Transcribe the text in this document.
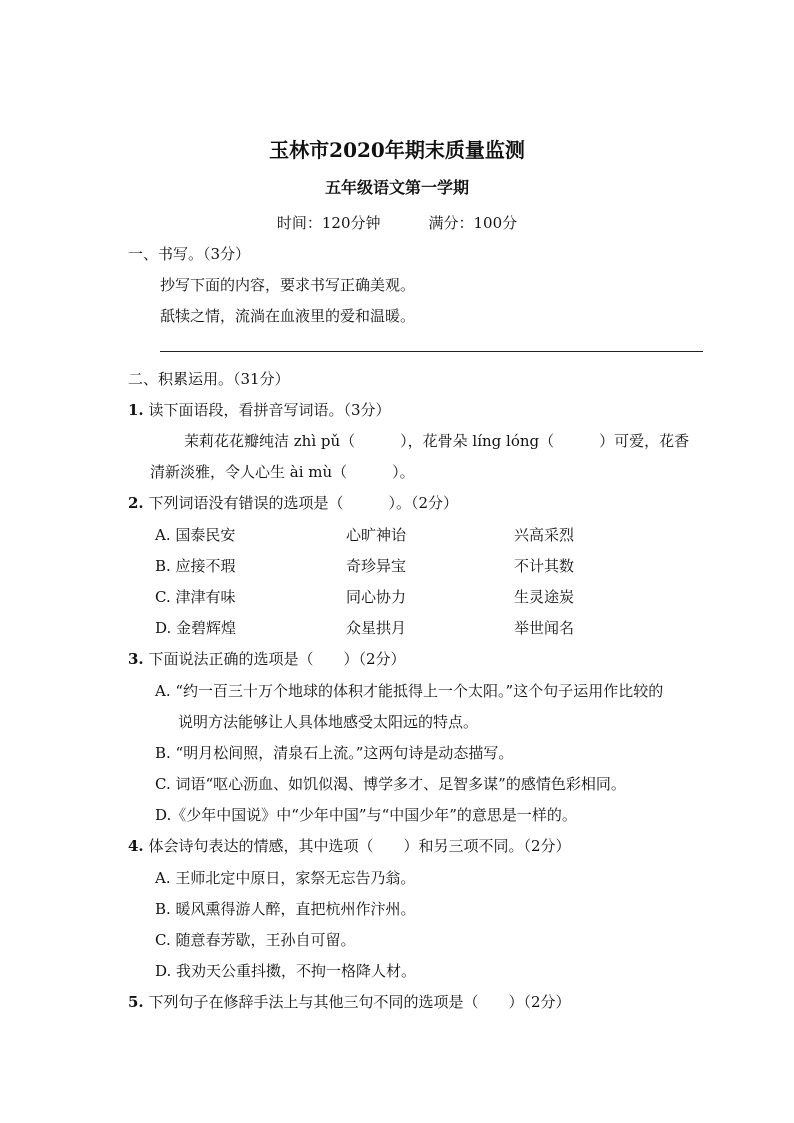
玉林市2020年期末质量监测
五年级语文第一学期
时间：120分钟	满分：100分
一、书写。（3分）
抄写下面的内容，要求书写正确美观。
舐犊之情，流淌在血液里的爱和温暖。
二、积累运用。（31分）
1. 读下面语段，看拼音写词语。（3分）
茉莉花花瓣纯洁 zhì pǔ（　　　），花骨朵 líng lóng（　　　）可爱，花香
清新淡雅，令人心生 ài mù（　　　）。
2. 下列词语没有错误的选项是（　　　）。（2分）
A. 国泰民安	心旷神诒	兴高采烈
B. 应接不瑕	奇珍异宝	不计其数
C. 津津有味	同心协力	生灵途炭
D. 金碧辉煌	众星拱月	举世闻名
3. 下面说法正确的选项是（　　）（2分）
A. “约一百三十万个地球的体积才能抵得上一个太阳。”这个句子运用作比较的
说明方法能够让人具体地感受太阳远的特点。
B. “明月松间照，清泉石上流。”这两句诗是动态描写。
C. 词语“呕心沥血、如饥似渴、博学多才、足智多谋”的感情色彩相同。
D.《少年中国说》中“少年中国”与“中国少年”的意思是一样的。
4. 体会诗句表达的情感，其中选项（　　）和另三项不同。（2分）
A. 王师北定中原日，家祭无忘告乃翁。
B. 暖风熏得游人醉，直把杭州作汴州。
C. 随意春芳歇，王孙自可留。
D. 我劝天公重抖擞，不拘一格降人材。
5. 下列句子在修辞手法上与其他三句不同的选项是（　　）（2分）
